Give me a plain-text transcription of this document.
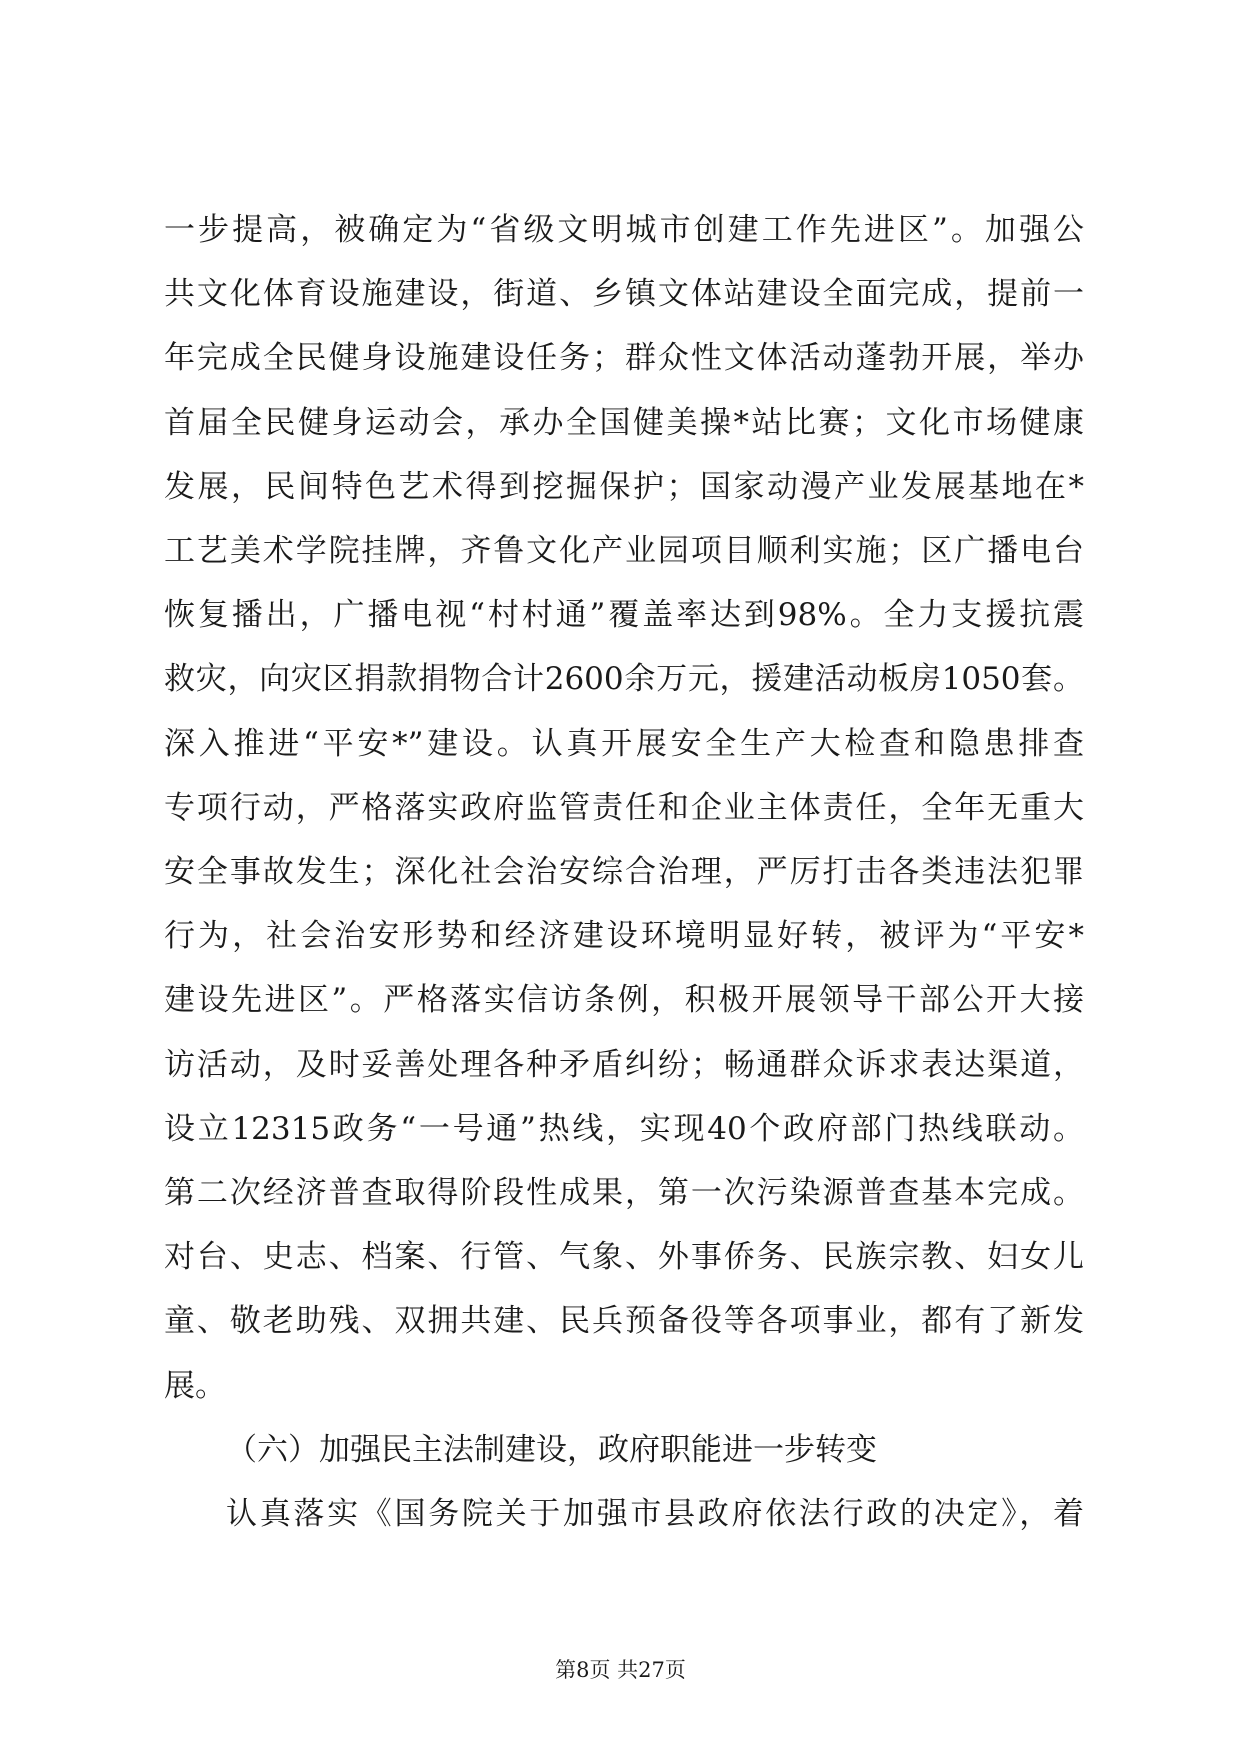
一步提高，被确定为“省级文明城市创建工作先进区”。加强公
共文化体育设施建设，街道、乡镇文体站建设全面完成，提前一
年完成全民健身设施建设任务；群众性文体活动蓬勃开展，举办
首届全民健身运动会，承办全国健美操*站比赛；文化市场健康
发展，民间特色艺术得到挖掘保护；国家动漫产业发展基地在*
工艺美术学院挂牌，齐鲁文化产业园项目顺利实施；区广播电台
恢复播出，广播电视“村村通”覆盖率达到98%。全力支援抗震
救灾，向灾区捐款捐物合计2600余万元，援建活动板房1050套。
深入推进“平安*”建设。认真开展安全生产大检查和隐患排查
专项行动，严格落实政府监管责任和企业主体责任，全年无重大
安全事故发生；深化社会治安综合治理，严厉打击各类违法犯罪
行为，社会治安形势和经济建设环境明显好转，被评为“平安*
建设先进区”。严格落实信访条例，积极开展领导干部公开大接
访活动，及时妥善处理各种矛盾纠纷；畅通群众诉求表达渠道，
设立12315政务“一号通”热线，实现40个政府部门热线联动。
第二次经济普查取得阶段性成果，第一次污染源普查基本完成。
对台、史志、档案、行管、气象、外事侨务、民族宗教、妇女儿
童、敬老助残、双拥共建、民兵预备役等各项事业，都有了新发
展。
（六）加强民主法制建设，政府职能进一步转变
认真落实《国务院关于加强市县政府依法行政的决定》，着
第8页 共27页
